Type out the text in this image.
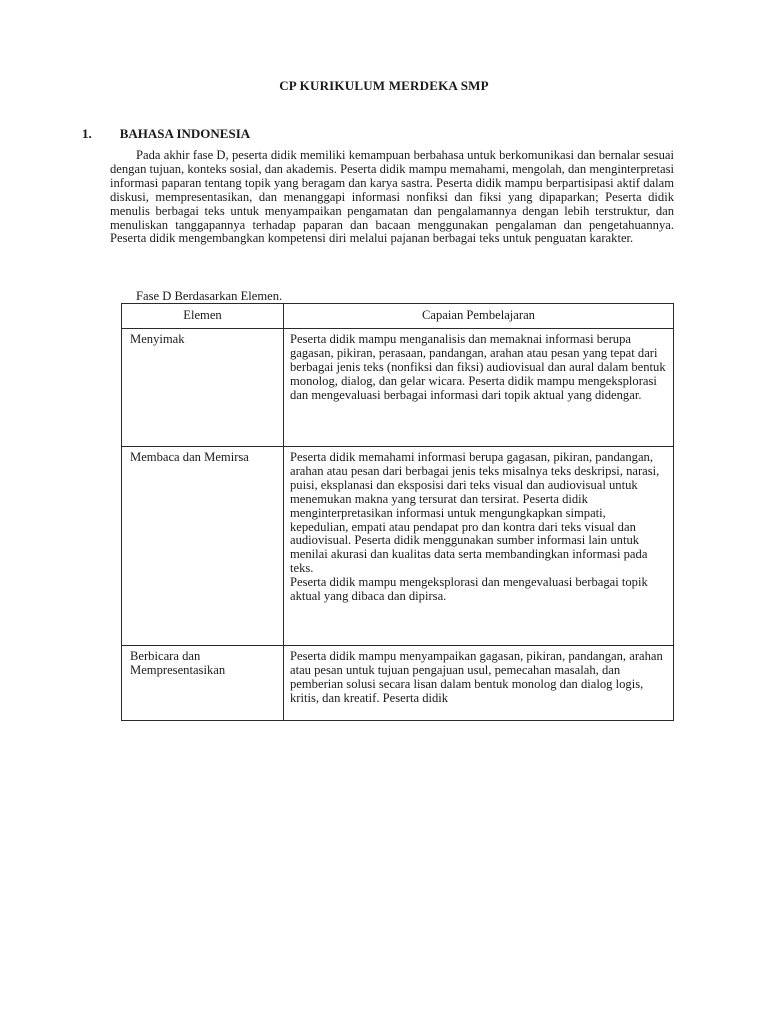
CP KURIKULUM MERDEKA SMP
1. BAHASA INDONESIA

Pada akhir fase D, peserta didik memiliki kemampuan berbahasa untuk berkomunikasi dan bernalar sesuai dengan tujuan, konteks sosial, dan akademis. Peserta didik mampu memahami, mengolah, dan menginterpretasi informasi paparan tentang topik yang beragam dan karya sastra. Peserta didik mampu berpartisipasi aktif dalam diskusi, mempresentasikan, dan menanggapi informasi nonfiksi dan fiksi yang dipaparkan; Peserta didik menulis berbagai teks untuk menyampaikan pengamatan dan pengalamannya dengan lebih terstruktur, dan menuliskan tanggapannya terhadap paparan dan bacaan menggunakan pengalaman dan pengetahuannya. Peserta didik mengembangkan kompetensi diri melalui pajanan berbagai teks untuk penguatan karakter.

Fase D Berdasarkan Elemen.
Elemen	Capaian Pembelajaran
Menyimak	Peserta didik mampu menganalisis dan memaknai informasi berupa gagasan, pikiran, perasaan, pandangan, arahan atau pesan yang tepat dari berbagai jenis teks (nonfiksi dan fiksi) audiovisual dan aural dalam bentuk monolog, dialog, dan gelar wicara. Peserta didik mampu mengeksplorasi dan mengevaluasi berbagai informasi dari topik aktual yang didengar.

Membaca dan Memirsa	Peserta didik memahami informasi berupa gagasan, pikiran, pandangan, arahan atau pesan dari berbagai jenis teks misalnya teks deskripsi, narasi, puisi, eksplanasi dan eksposisi dari teks visual dan audiovisual untuk menemukan makna yang tersurat dan tersirat. Peserta didik menginterpretasikan informasi untuk mengungkapkan simpati, kepedulian, empati atau pendapat pro dan kontra dari teks visual dan audiovisual. Peserta didik menggunakan sumber informasi lain untuk menilai akurasi dan kualitas data serta membandingkan informasi pada teks.

Peserta didik mampu mengeksplorasi dan mengevaluasi berbagai topik aktual yang dibaca dan dipirsa.

Berbicara dan Mempresentasikan	Peserta didik mampu menyampaikan gagasan, pikiran, pandangan, arahan atau pesan untuk tujuan pengajuan usul, pemecahan masalah, dan pemberian solusi secara lisan dalam bentuk monolog dan dialog logis, kritis, dan kreatif. Peserta didik
